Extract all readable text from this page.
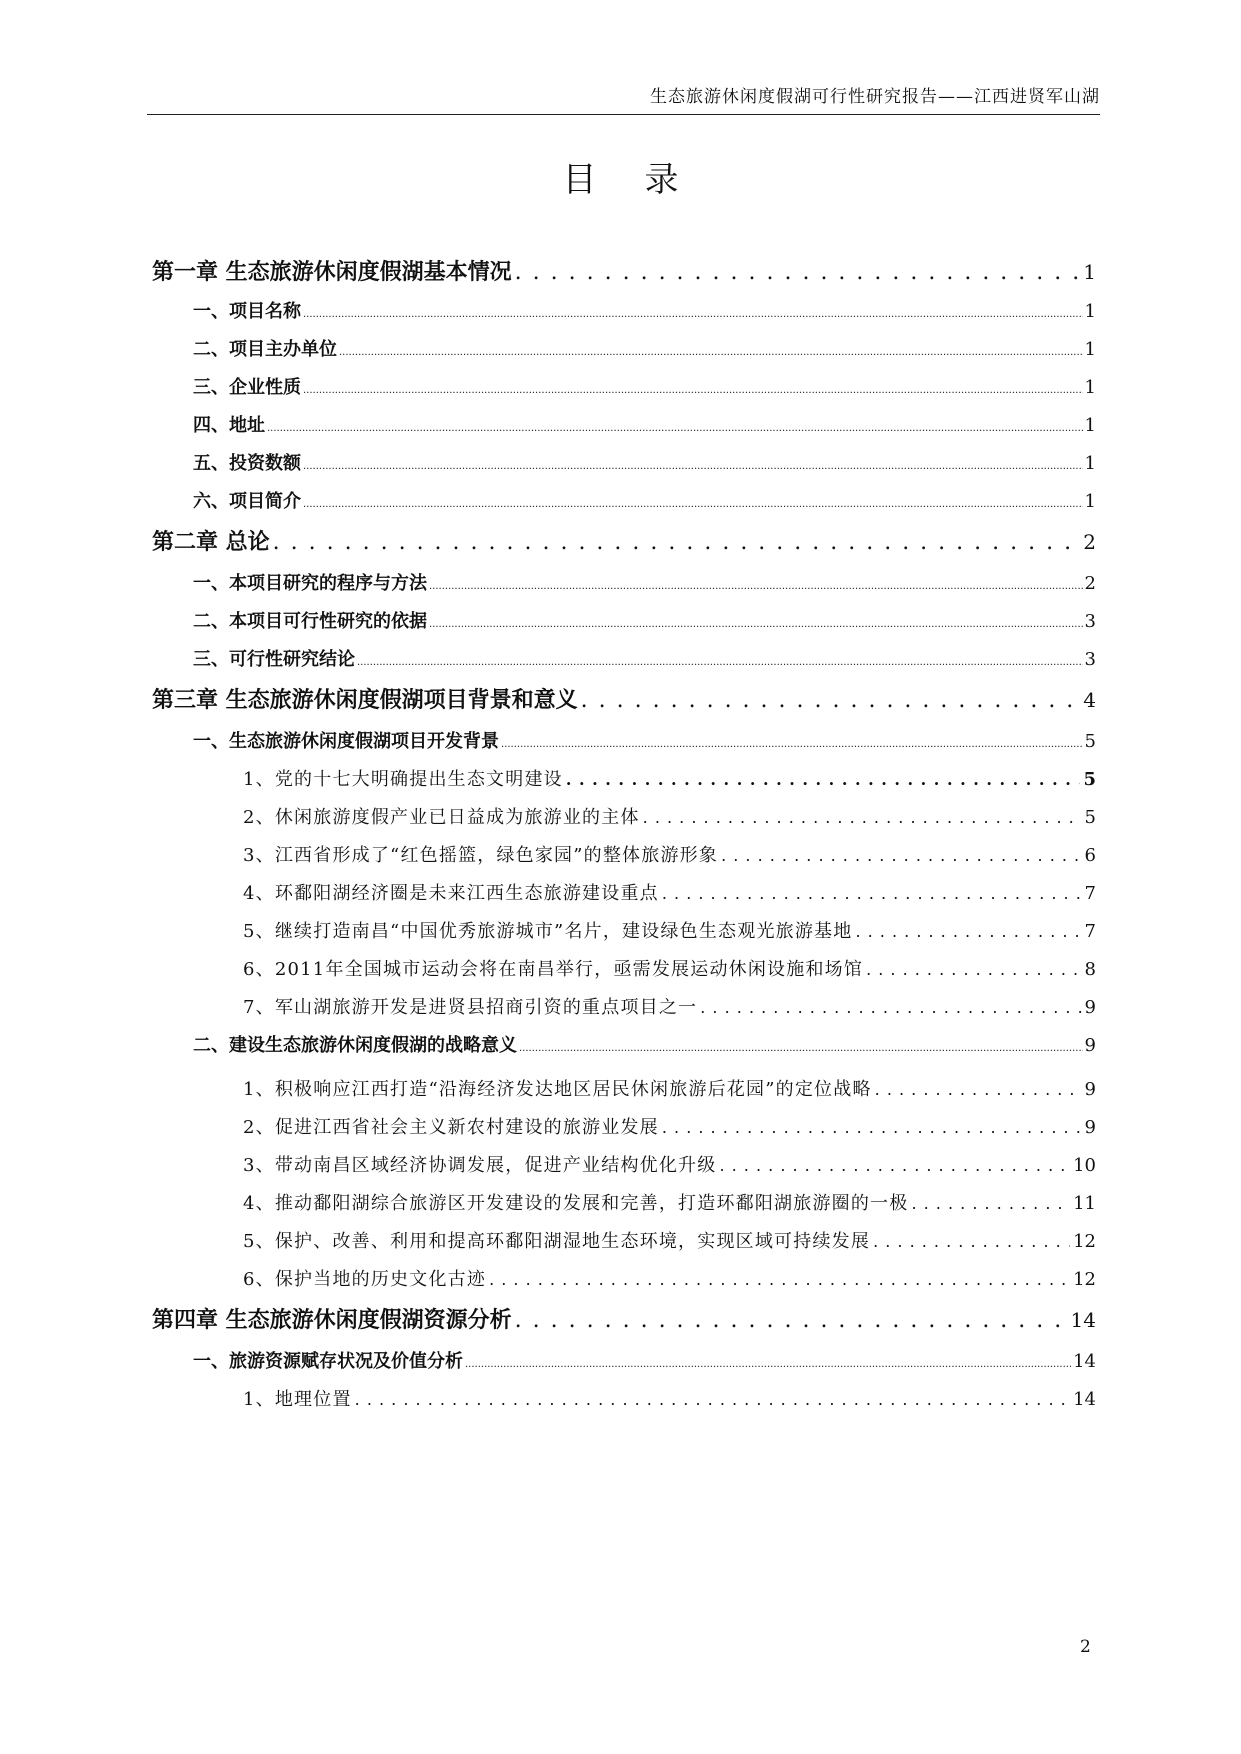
生态旅游休闲度假湖可行性研究报告——江西进贤军山湖
目录
第一章 生态旅游休闲度假湖基本情况 . . .	1
一、项目名称 .....	1
二、项目主办单位 .....	1
三、企业性质 .....	1
四、地址 .....	1
五、投资数额 .....	1
六、项目简介 .....	1
第二章 总论 . . .	2
一、本项目研究的程序与方法 .....	2
二、本项目可行性研究的依据 .....	3
三、可行性研究结论 .....	3
第三章 生态旅游休闲度假湖项目背景和意义 . . .	4
一、生态旅游休闲度假湖项目开发背景 .....	5
1、党的十七大明确提出生态文明建设 . . .	5
2、休闲旅游度假产业已日益成为旅游业的主体 . . .	5
3、江西省形成了“红色摇篮，绿色家园”的整体旅游形象 . . .	6
4、环鄱阳湖经济圈是未来江西生态旅游建设重点 . . .	7
5、继续打造南昌“中国优秀旅游城市”名片，建设绿色生态观光旅游基地 . . .	7
6、2011年全国城市运动会将在南昌举行，亟需发展运动休闲设施和场馆 . . .	8
7、军山湖旅游开发是进贤县招商引资的重点项目之一 . . .	9
二、建设生态旅游休闲度假湖的战略意义 .....	9
1、积极响应江西打造“沿海经济发达地区居民休闲旅游后花园”的定位战略 . . .	9
2、促进江西省社会主义新农村建设的旅游业发展 . . .	9
3、带动南昌区域经济协调发展，促进产业结构优化升级 . . .	10
4、推动鄱阳湖综合旅游区开发建设的发展和完善，打造环鄱阳湖旅游圈的一极 . . .	11
5、保护、改善、利用和提高环鄱阳湖湿地生态环境，实现区域可持续发展 . . .	12
6、保护当地的历史文化古迹 . . .	12
第四章 生态旅游休闲度假湖资源分析 . . .	14
一、旅游资源赋存状况及价值分析 .....	14
1、地理位置 . . .	14
2
